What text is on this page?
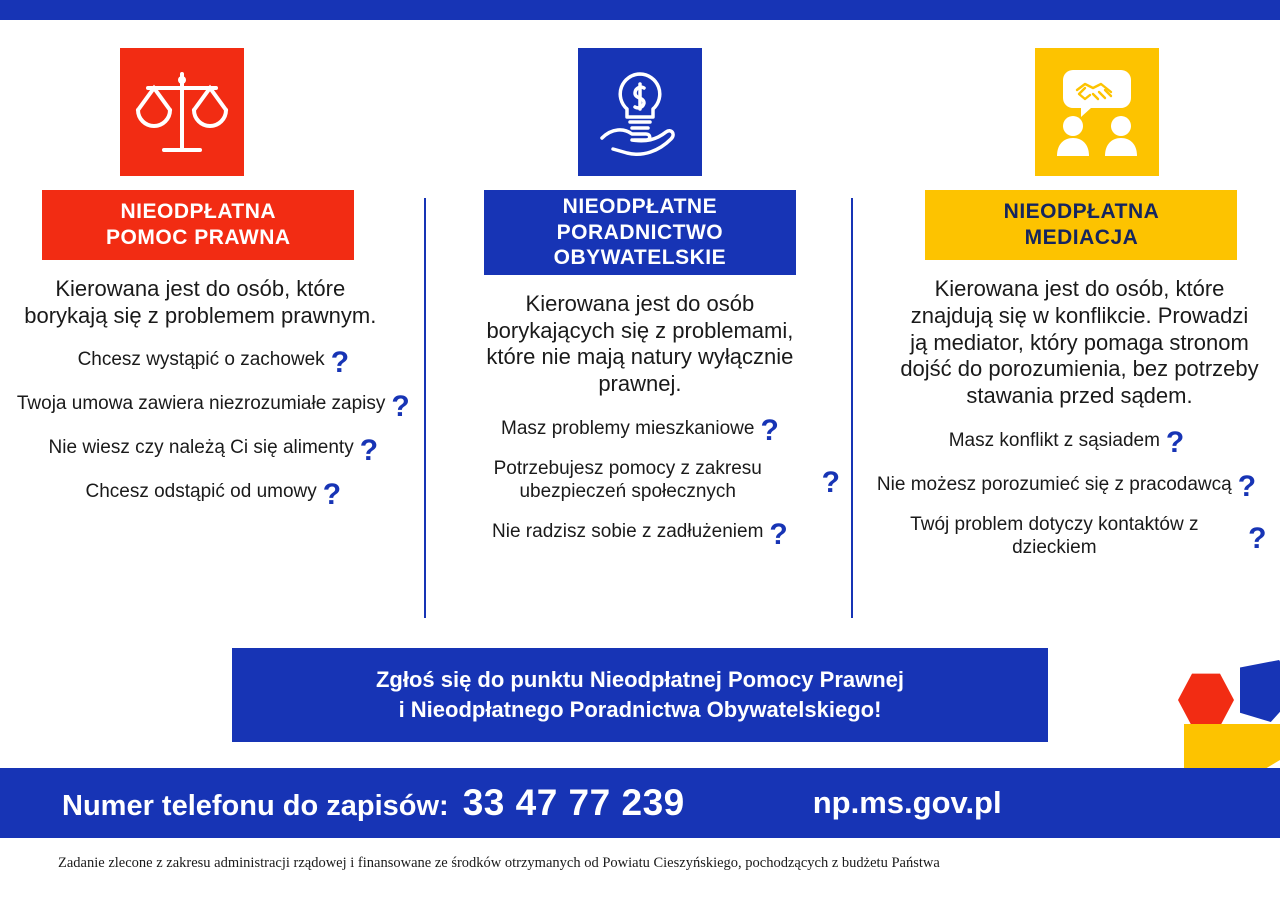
NIEODPŁATNA
POMOC PRAWNA
Kierowana jest do osób, które borykają się z problemem prawnym.
Chcesz wystąpić o zachowek ?
Twoja umowa zawiera niezrozumiałe zapisy ?
Nie wiesz czy należą Ci się alimenty ?
Chcesz odstąpić od umowy ?
NIEODPŁATNE
PORADNICTWO OBYWATELSKIE
Kierowana jest do osób borykających się z problemami, które nie mają natury wyłącznie prawnej.
Masz problemy mieszkaniowe ?
Potrzebujesz pomocy z zakresu ubezpieczeń społecznych	?
Nie radzisz sobie z zadłużeniem ?
NIEODPŁATNA
MEDIACJA
Kierowana jest do osób, które znajdują się w konflikcie. Prowadzi ją mediator, który pomaga stronom dojść do porozumienia, bez potrzeby stawania przed sądem.
Masz konflikt z sąsiadem ?
Nie możesz porozumieć się z pracodawcą ?
Twój problem dotyczy kontaktów z dzieckiem	?
Zgłoś się do punktu Nieodpłatnej Pomocy Prawnej
i Nieodpłatnego Poradnictwa Obywatelskiego!
Numer telefonu do zapisów: 33 47 77 239	np.ms.gov.pl
Zadanie zlecone z zakresu administracji rządowej i finansowane ze środków otrzymanych od Powiatu Cieszyńskiego, pochodzących z budżetu Państwa
